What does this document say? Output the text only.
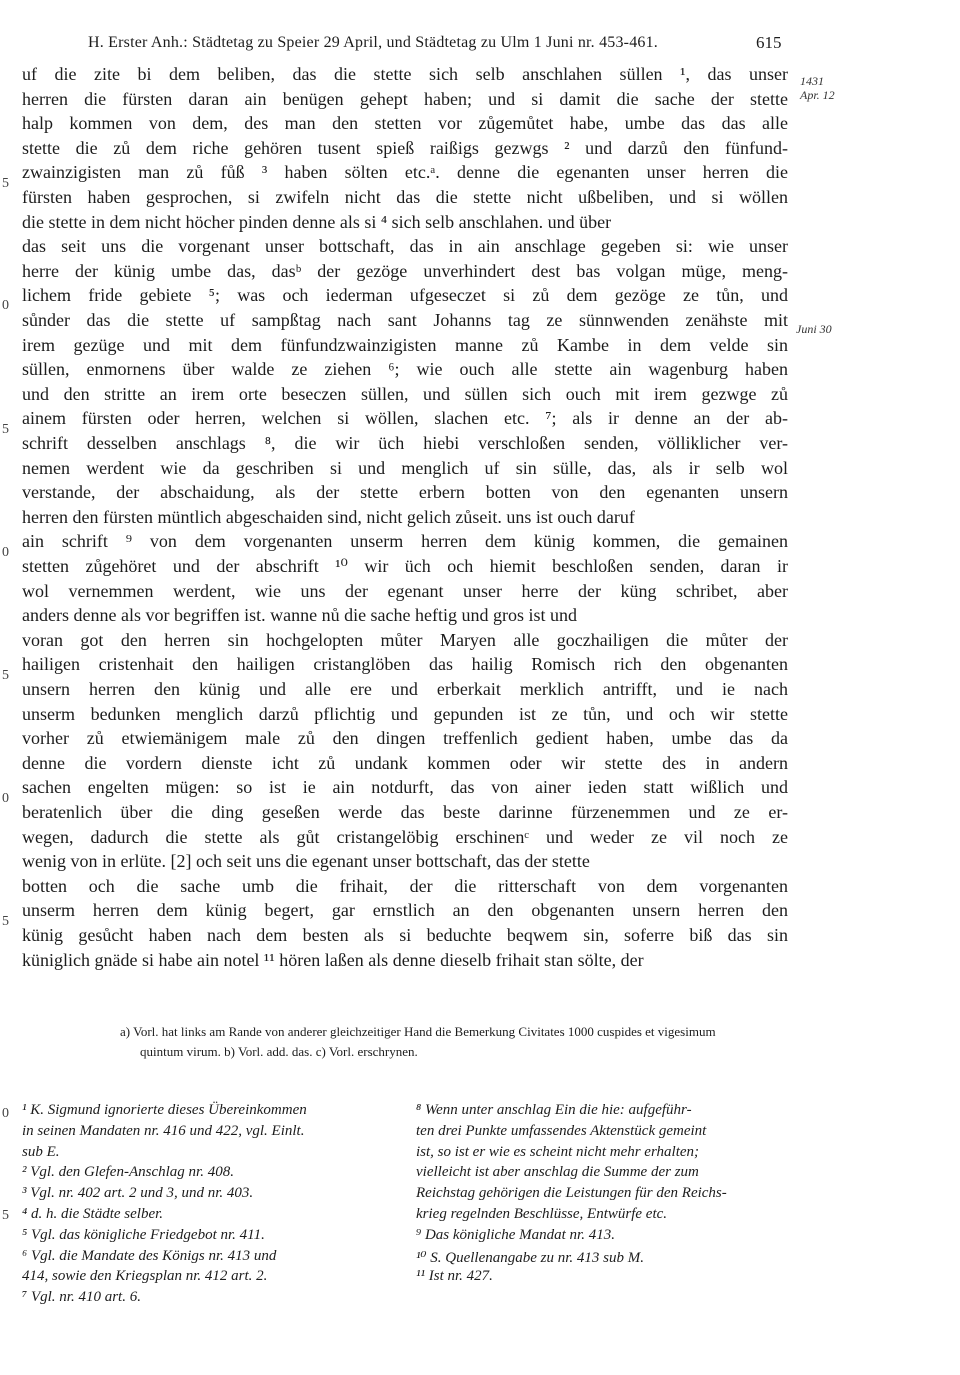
H. Erster Anh.: Städtetag zu Speier 29 April, und Städtetag zu Ulm 1 Juni nr. 453-461.	615
1431
Apr. 12
Juni 30
uf die zite bi dem beliben, das die stette sich selb anschlahen süllen ¹, das unser
herren die fürsten daran ain benügen gehept haben; und si damit die sache der stette
halp kommen von dem, des man den stetten vor zůgemůtet habe, umbe das das alle
stette die zů dem riche gehören tusent spieß raißigs gezwgs ² und darzů den fünfund-
zwainzigisten man zů fůß ³ haben sölten etc.ᵃ. denne die egenanten unser herren die
fürsten haben gesprochen, si zwifeln nicht das die stette nicht ußbeliben, und si wöllen
die stette in dem nicht höcher pinden denne als si ⁴ sich selb anschlahen. und über
das seit uns die vorgenant unser bottschaft, das in ain anschlage gegeben si: wie unser
herre der künig umbe das, dasᵇ der gezöge unverhindert dest bas volgan müge, meng-
lichem fride gebiete ⁵; was och iederman ufgeseczet si zů dem gezöge ze tůn, und
sůnder das die stette uf sampßtag nach sant Johanns tag ze sünnwenden zenähste mit
irem gezüge und mit dem fünfundzwainzigisten manne zů Kambe in dem velde sin
süllen, enmornens über walde ze ziehen ⁶; wie ouch alle stette ain wagenburg haben
und den stritte an irem orte beseczen süllen, und süllen sich ouch mit irem gezwge zů
ainem fürsten oder herren, welchen si wöllen, slachen etc. ⁷; als ir denne an der ab-
schrift desselben anschlags ⁸, die wir üch hiebi verschloßen senden, völliklicher ver-
nemen werdent wie da geschriben si und menglich uf sin sülle, das, als ir selb wol
verstande, der abschaidung, als der stette erbern botten von den egenanten unsern
herren den fürsten müntlich abgeschaiden sind, nicht gelich zůseit. uns ist ouch daruf
ain schrift ⁹ von dem vorgenanten unserm herren dem künig kommen, die gemainen
stetten zůgehöret und der abschrift ¹⁰ wir üch och hiemit beschloßen senden, daran ir
wol vernemmen werdent, wie uns der egenant unser herre der küng schribet, aber
anders denne als vor begriffen ist. wanne nů die sache heftig und gros ist und
voran got den herren sin hochgelopten můter Maryen alle goczhailigen die můter der
hailigen cristenhait den hailigen cristanglöben das hailig Romisch rich den obgenanten
unsern herren den künig und alle ere und erberkait merklich antrifft, und ie nach
unserm bedunken menglich darzů pflichtig und gepunden ist ze tůn, und och wir stette
vorher zů etwiemänigem male zů den dingen treffenlich gedient haben, umbe das da
denne die vordern dienste icht zů undank kommen oder wir stette des in andern
sachen engelten mügen: so ist ie ain notdurft, das von ainer ieden statt wißlich und
beratenlich über die ding geseßen werde das beste darinne fürzenemmen und ze er-
wegen, dadurch die stette als gůt cristangelöbig erschinenᶜ und weder ze vil noch ze
wenig von in erlüte. [2] och seit uns die egenant unser bottschaft, das der stette
botten och die sache umb die frihait, der die ritterschaft von dem vorgenanten
unserm herren dem künig begert, gar ernstlich an den obgenanten unsern herren den
künig gesůcht haben nach dem besten als si beduchte beqwem sin, soferre biß das sin
küniglich gnäde si habe ain notel ¹¹ hören laßen als denne dieselb frihait stan sölte, der
5
0
5
0
5
0
5
a) Vorl. hat links am Rande von anderer gleichzeitiger Hand die Bemerkung Civitates 1000 cuspides et vigesimum
quintum virum. b) Vorl. add. das. c) Vorl. erschrynen.
¹ K. Sigmund ignorierte dieses Übereinkommen
in seinen Mandaten nr. 416 und 422, vgl. Einlt.
sub E.
² Vgl. den Glefen-Anschlag nr. 408.
³ Vgl. nr. 402 art. 2 und 3, und nr. 403.
⁴ d. h. die Städte selber.
⁵ Vgl. das königliche Friedgebot nr. 411.
⁶ Vgl. die Mandate des Königs nr. 413 und
414, sowie den Kriegsplan nr. 412 art. 2.
⁷ Vgl. nr. 410 art. 6.
⁸ Wenn unter anschlag Ein die hie: aufgeführ-
ten drei Punkte umfassendes Aktenstück gemeint
ist, so ist er wie es scheint nicht mehr erhalten;
vielleicht ist aber anschlag die Summe der zum
Reichstag gehörigen die Leistungen für den Reichs-
krieg regelnden Beschlüsse, Entwürfe etc.
⁹ Das königliche Mandat nr. 413.
¹⁰ S. Quellenangabe zu nr. 413 sub M.
¹¹ Ist nr. 427.
0
5
